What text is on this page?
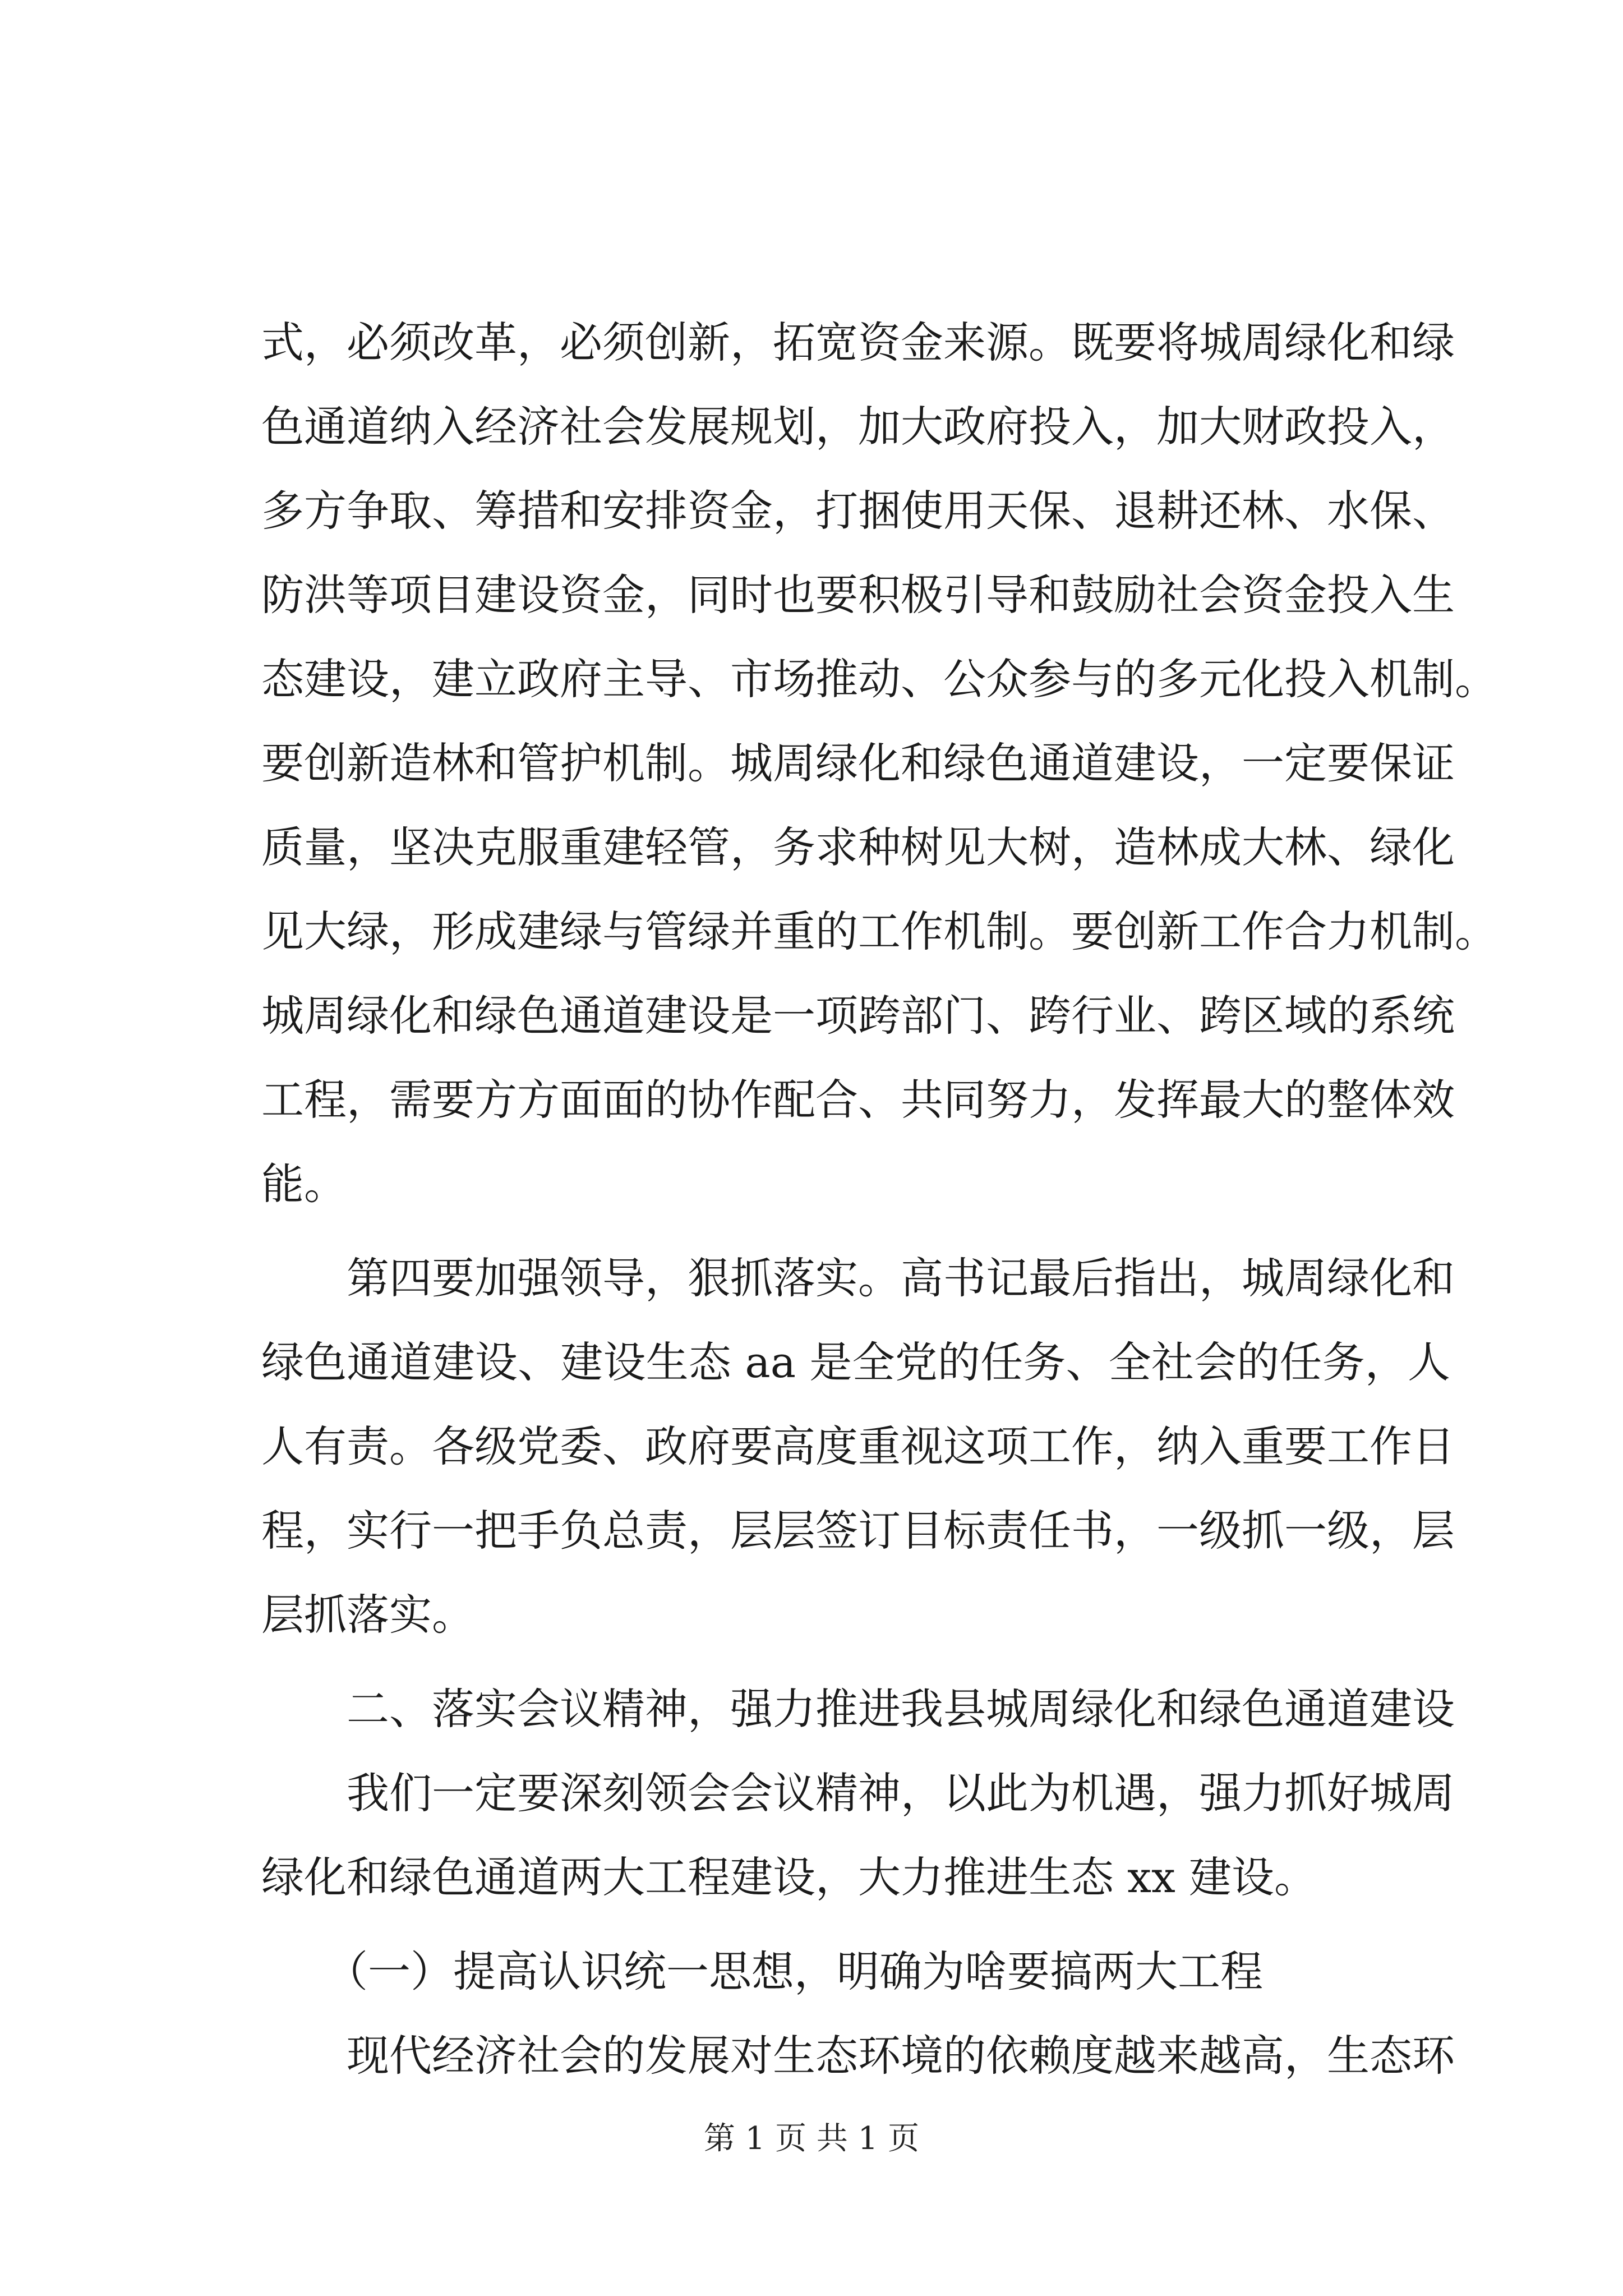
式，必须改革，必须创新，拓宽资金来源。既要将城周绿化和绿
色通道纳入经济社会发展规划，加大政府投入，加大财政投入，
多方争取、筹措和安排资金，打捆使用天保、退耕还林、水保、
防洪等项目建设资金，同时也要积极引导和鼓励社会资金投入生
态建设，建立政府主导、市场推动、公众参与的多元化投入机制。
要创新造林和管护机制。城周绿化和绿色通道建设，一定要保证
质量，坚决克服重建轻管，务求种树见大树，造林成大林、绿化
见大绿，形成建绿与管绿并重的工作机制。要创新工作合力机制。
城周绿化和绿色通道建设是一项跨部门、跨行业、跨区域的系统
工程，需要方方面面的协作配合、共同努力，发挥最大的整体效
能。
　　第四要加强领导，狠抓落实。高书记最后指出，城周绿化和
绿色通道建设、建设生态 aa 是全党的任务、全社会的任务，人
人有责。各级党委、政府要高度重视这项工作，纳入重要工作日
程，实行一把手负总责，层层签订目标责任书，一级抓一级，层
层抓落实。
　　二、落实会议精神，强力推进我县城周绿化和绿色通道建设
　　我们一定要深刻领会会议精神，以此为机遇，强力抓好城周
绿化和绿色通道两大工程建设，大力推进生态 xx 建设。
　　（一）提高认识统一思想，明确为啥要搞两大工程
　　现代经济社会的发展对生态环境的依赖度越来越高，生态环
第 1 页 共 1 页
